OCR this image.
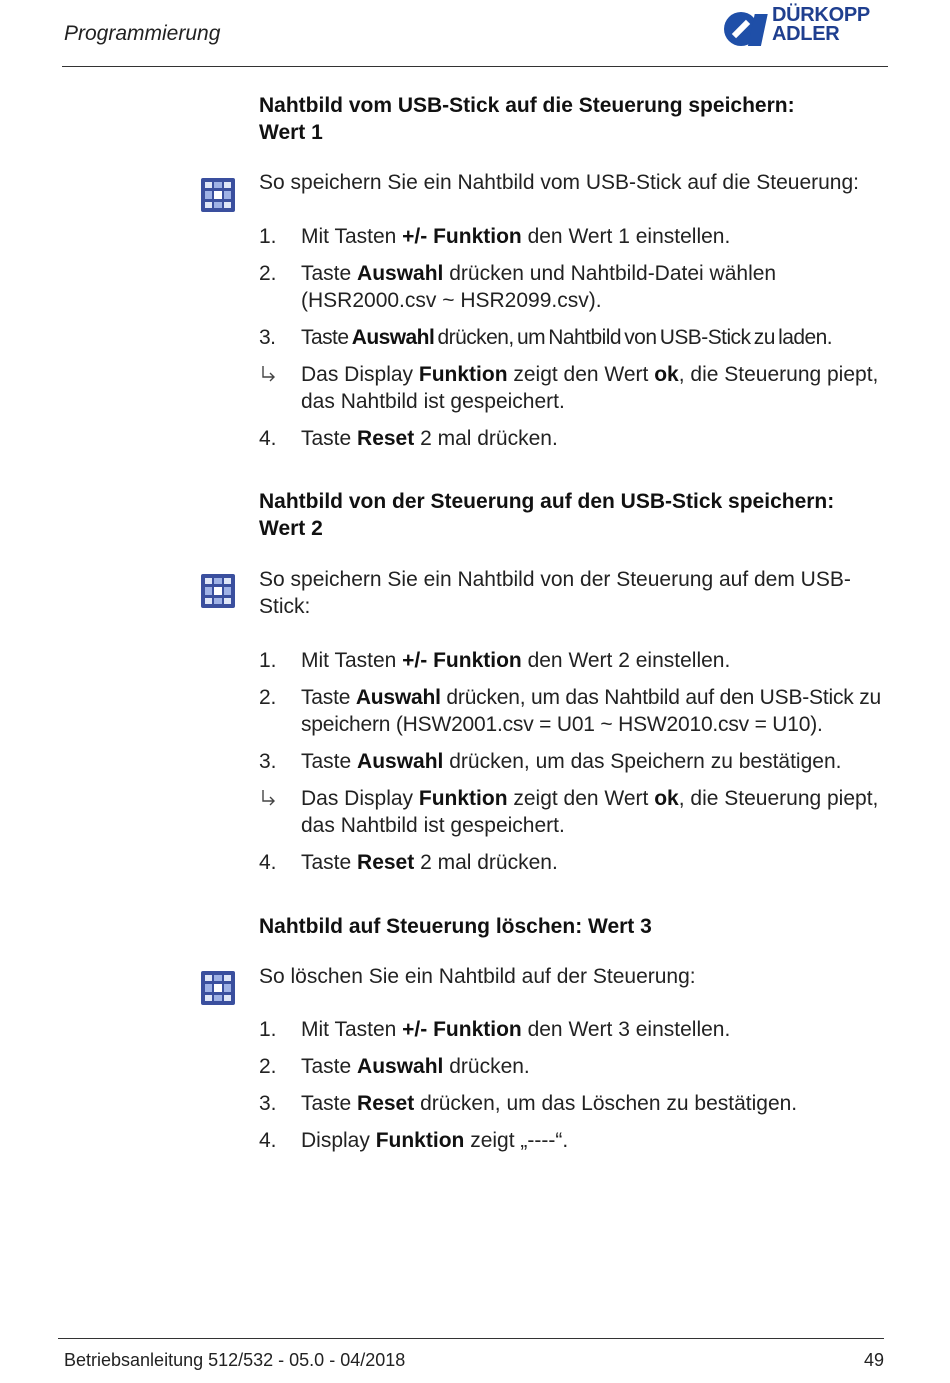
Programmierung
DÜRKOPP
ADLER

Nahtbild vom USB-Stick auf die Steuerung speichern:

Wert 1

So speichern Sie ein Nahtbild vom USB-Stick auf die Steuerung:

1.	Mit Tasten +/- Funktion den Wert 1 einstellen.
2.	Taste Auswahl drücken und Nahtbild-Datei wählen (HSR2000.csv ~ HSR2099.csv).
3.	Taste Auswahl drücken, um Nahtbild von USB-Stick zu laden.
Das Display Funktion zeigt den Wert ok, die Steuerung piept, das Nahtbild ist gespeichert.
4.	Taste Reset 2 mal drücken.

Nahtbild von der Steuerung auf den USB-Stick speichern:

Wert 2

So speichern Sie ein Nahtbild von der Steuerung auf dem USB-Stick:

1.	Mit Tasten +/- Funktion den Wert 2 einstellen.
2.	Taste Auswahl drücken, um das Nahtbild auf den USB-Stick zu speichern (HSW2001.csv = U01 ~ HSW2010.csv = U10).
3.	Taste Auswahl drücken, um das Speichern zu bestätigen.
Das Display Funktion zeigt den Wert ok, die Steuerung piept, das Nahtbild ist gespeichert.
4.	Taste Reset 2 mal drücken.

Nahtbild auf Steuerung löschen: Wert 3

So löschen Sie ein Nahtbild auf der Steuerung:

1.	Mit Tasten +/- Funktion den Wert 3 einstellen.
2.	Taste Auswahl drücken.
3.	Taste Reset drücken, um das Löschen zu bestätigen.
4.	Display Funktion zeigt „----“.
Betriebsanleitung 512/532 - 05.0 - 04/2018	49
